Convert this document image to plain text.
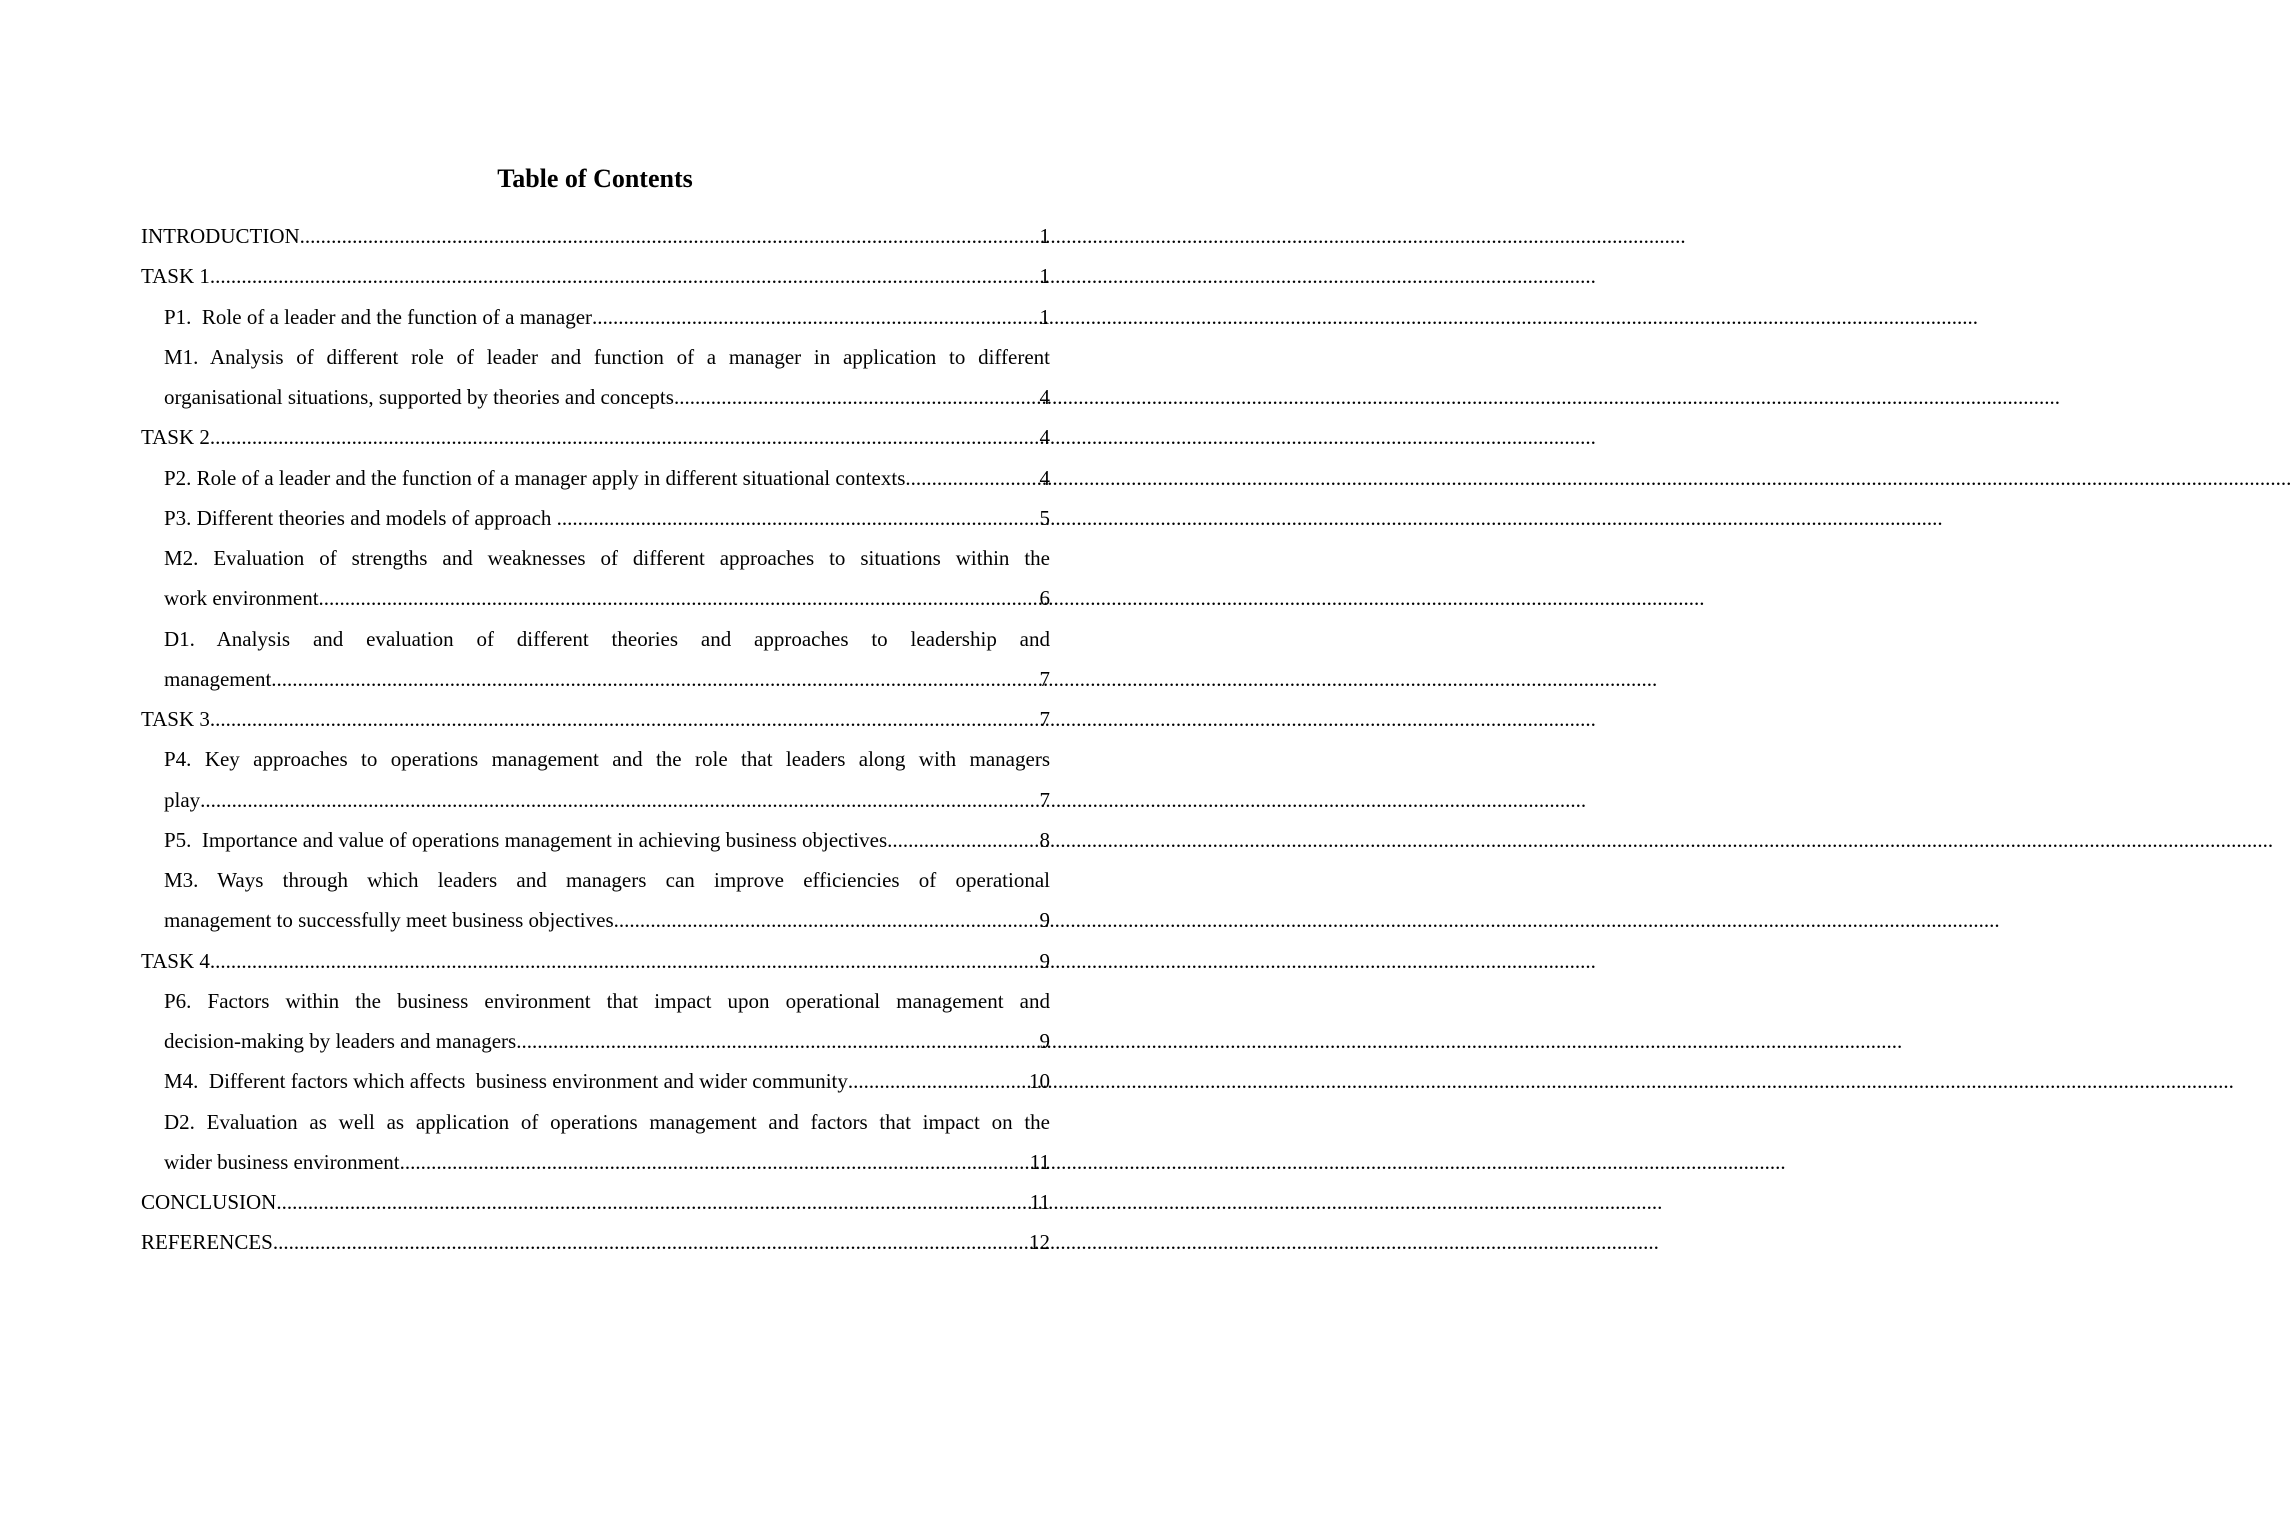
Table of Contents
INTRODUCTION .....	1
TASK 1 .....	1
P1.  Role of a leader and the function of a manager .....	1
M1. Analysis of different role of leader and function of a manager in application to different
organisational situations, supported by theories and concepts .....	4
TASK 2 .....	4
P2. Role of a leader and the function of a manager apply in different situational contexts .....	4
P3. Different theories and models of approach .....	5
M2. Evaluation of strengths and weaknesses of different approaches to situations within the
work environment .....	6
D1. Analysis and evaluation of different theories and approaches to leadership and
management .....	7
TASK 3 .....	7
P4. Key approaches to operations management and the role that leaders along with managers
play .....	7
P5.  Importance and value of operations management in achieving business objectives .....	8
M3. Ways through which leaders and managers can improve efficiencies of operational
management to successfully meet business objectives .....	9
TASK 4 .....	9
P6. Factors within the business environment that impact upon operational management and
decision-making by leaders and managers .....	9
M4.  Different factors which affects  business environment and wider community .....	10
D2. Evaluation as well as application of operations management and factors that impact on the
wider business environment .....	11
CONCLUSION .....	11
REFERENCES .....	12
